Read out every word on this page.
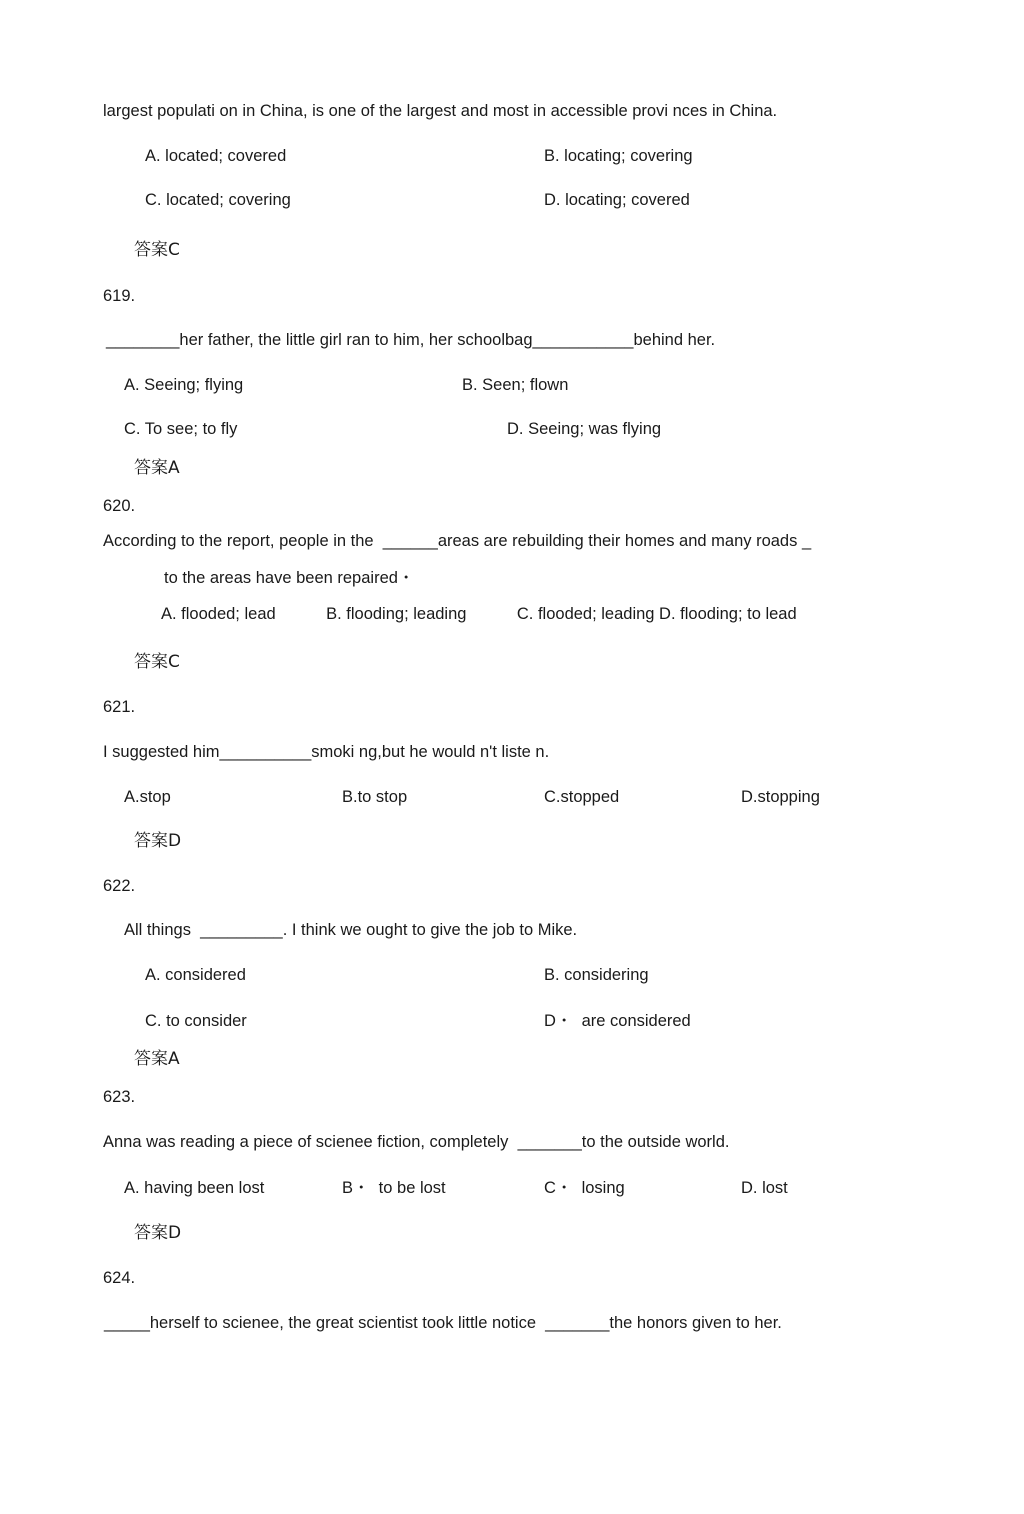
largest populati on in China, is one of the largest and most in accessible provi nces in China.
A. located; covered	B. locating; covering
C. located; covering	D. locating; covered
答案C
619.
________her father, the little girl ran to him, her schoolbag___________behind her.
A. Seeing; flying	B. Seen; flown
C. To see; to fly	D. Seeing; was flying
答案A
620.
According to the report, people in the  ______areas are rebuilding their homes and many roads _
to the areas have been repaired・
A. flooded; lead           B. flooding; leading           C. flooded; leading D. flooding; to lead
答案C
621.
I suggested him__________smoki ng,but he would n't liste n.
A.stop	B.to stop	C.stopped	D.stopping
答案D
622.
All things  _________. I think we ought to give the job to Mike.
A. considered	B. considering
C. to consider	D・  are considered
答案A
623.
Anna was reading a piece of scienee fiction, completely  _______to the outside world.
A. having been lost	B・  to be lost	C・  losing	D. lost
答案D
624.
_____herself to scienee, the great scientist took little notice  _______the honors given to her.
